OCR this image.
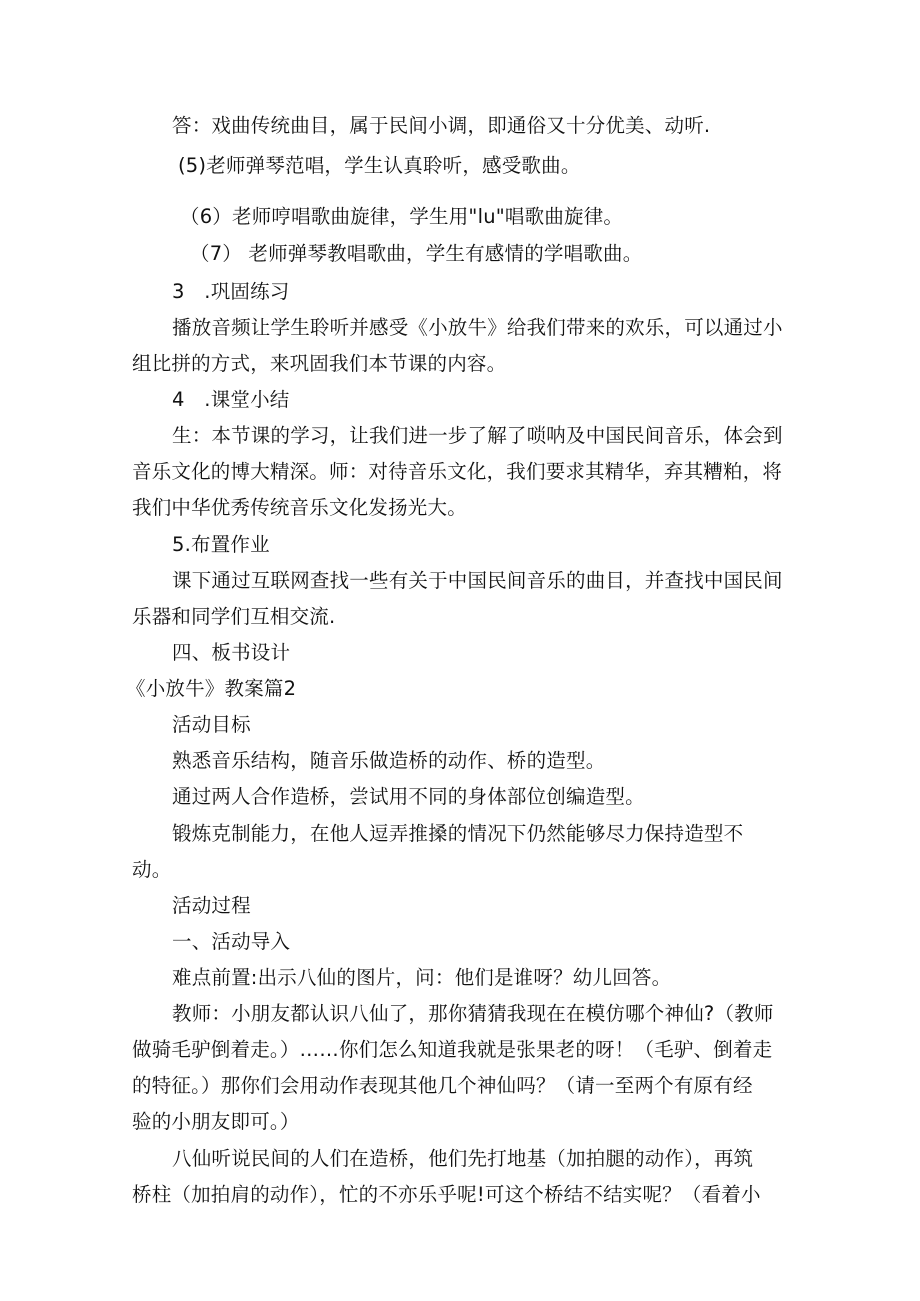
答：戏曲传统曲目，属于民间小调，即通俗又十分优美、动听.
(5)老师弹琴范唱，学生认真聆听，感受歌曲。
（6）老师哼唱歌曲旋律，学生用"lu"唱歌曲旋律。
（7） 老师弹琴教唱歌曲，学生有感情的学唱歌曲。
3　.巩固练习
播放音频让学生聆听并感受《小放牛》给我们带来的欢乐，可以通过小
组比拼的方式，来巩固我们本节课的内容。
4　.课堂小结
生：本节课的学习，让我们进一步了解了唢呐及中国民间音乐，体会到
音乐文化的博大精深。师：对待音乐文化，我们要求其精华，弃其糟粕，将
我们中华优秀传统音乐文化发扬光大。
5.布置作业
课下通过互联网查找一些有关于中国民间音乐的曲目，并查找中国民间
乐器和同学们互相交流.
四、板书设计
《小放牛》教案篇2
活动目标
熟悉音乐结构，随音乐做造桥的动作、桥的造型。
通过两人合作造桥，尝试用不同的身体部位创编造型。
锻炼克制能力，在他人逗弄推搡的情况下仍然能够尽力保持造型不
动。
活动过程
一、活动导入
难点前置:出示八仙的图片，问：他们是谁呀？幼儿回答。
教师：小朋友都认识八仙了，那你猜猜我现在在模仿哪个神仙?（教师
做骑毛驴倒着走。）……你们怎么知道我就是张果老的呀！（毛驴、倒着走
的特征。）那你们会用动作表现其他几个神仙吗？（请一至两个有原有经
验的小朋友即可。）
八仙听说民间的人们在造桥，他们先打地基（加拍腿的动作），再筑
桥柱（加拍肩的动作），忙的不亦乐乎呢!可这个桥结不结实呢？（看着小
